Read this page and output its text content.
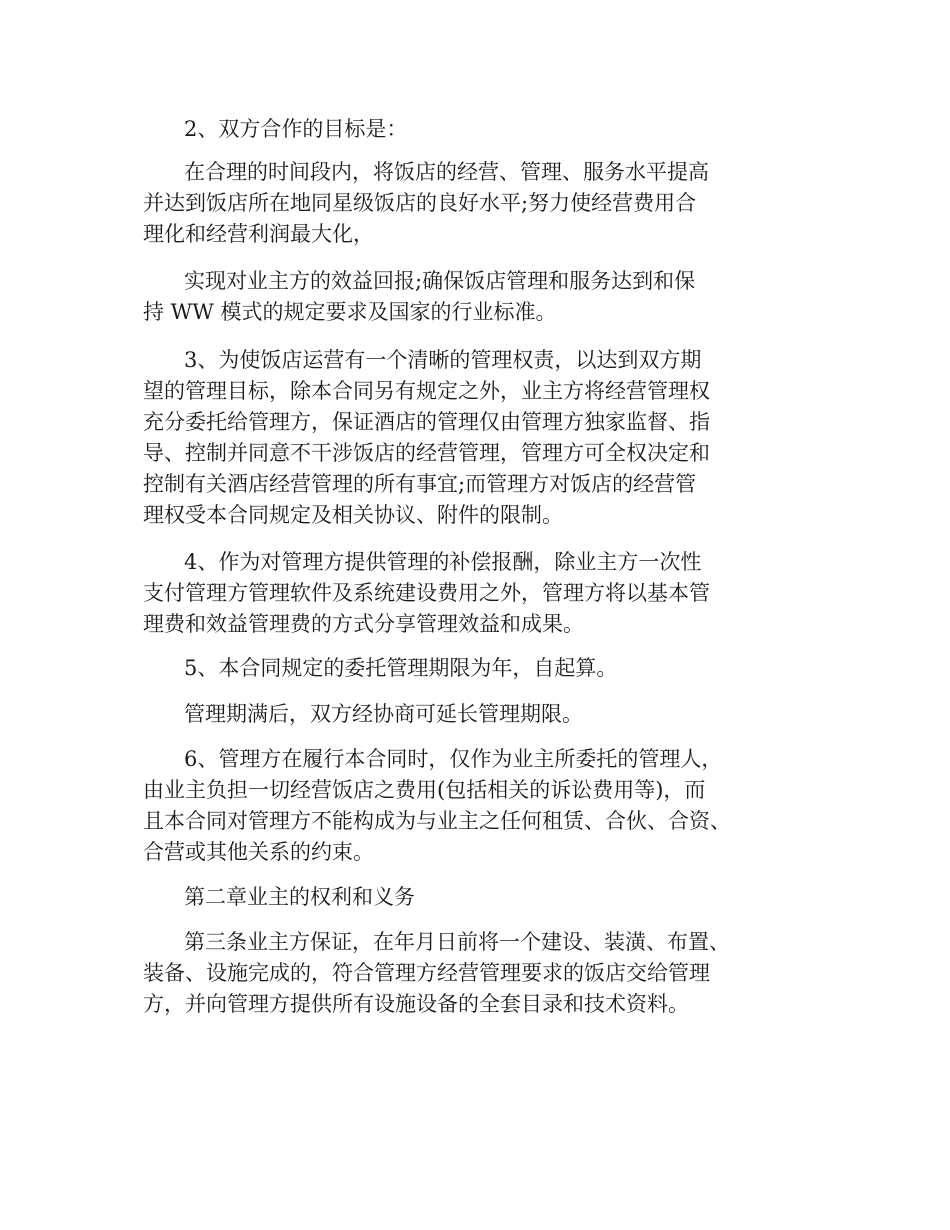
2、双方合作的目标是：

在合理的时间段内，将饭店的经营、管理、服务水平提高

并达到饭店所在地同星级饭店的良好水平;努力使经营费用合

理化和经营利润最大化，

实现对业主方的效益回报;确保饭店管理和服务达到和保

持 WW 模式的规定要求及国家的行业标准。

3、为使饭店运营有一个清晰的管理权责，以达到双方期

望的管理目标，除本合同另有规定之外，业主方将经营管理权

充分委托给管理方，保证酒店的管理仅由管理方独家监督、指

导、控制并同意不干涉饭店的经营管理，管理方可全权决定和

控制有关酒店经营管理的所有事宜;而管理方对饭店的经营管

理权受本合同规定及相关协议、附件的限制。

4、作为对管理方提供管理的补偿报酬，除业主方一次性

支付管理方管理软件及系统建设费用之外，管理方将以基本管

理费和效益管理费的方式分享管理效益和成果。

5、本合同规定的委托管理期限为年，自起算。

管理期满后，双方经协商可延长管理期限。

6、管理方在履行本合同时，仅作为业主所委托的管理人，

由业主负担一切经营饭店之费用(包括相关的诉讼费用等)，而

且本合同对管理方不能构成为与业主之任何租赁、合伙、合资、

合营或其他关系的约束。

第二章业主的权利和义务

第三条业主方保证，在年月日前将一个建设、装潢、布置、

装备、设施完成的，符合管理方经营管理要求的饭店交给管理

方，并向管理方提供所有设施设备的全套目录和技术资料。
